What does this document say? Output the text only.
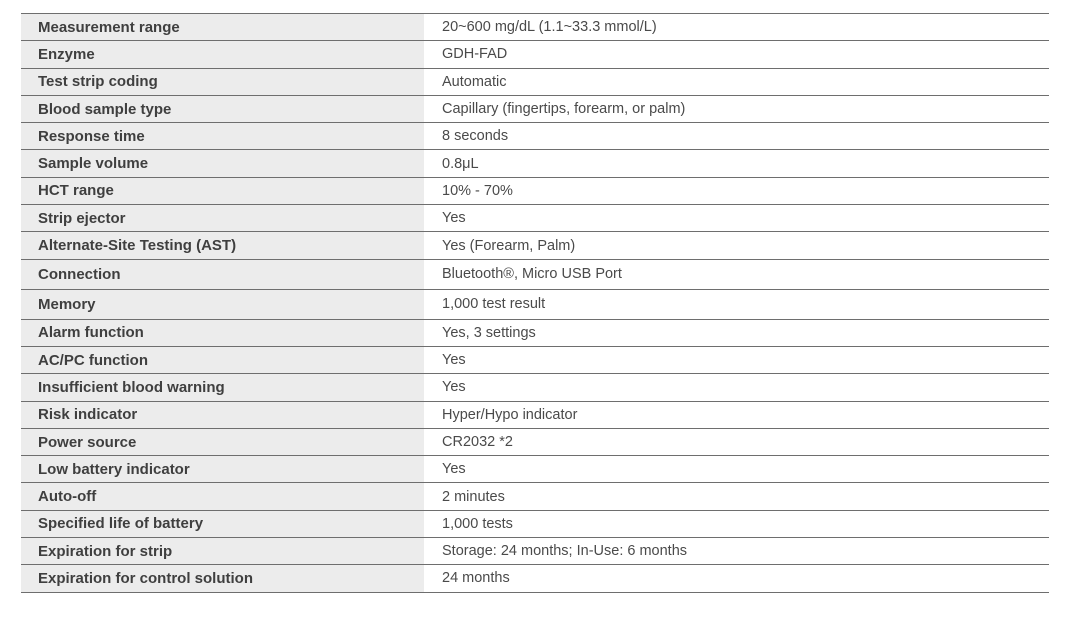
Measurement range	20~600 mg/dL (1.1~33.3 mmol/L)
Enzyme	GDH-FAD
Test strip coding	Automatic
Blood sample type	Capillary (fingertips, forearm, or palm)
Response time	8 seconds
Sample volume	0.8μL
HCT range	10% - 70%
Strip ejector	Yes
Alternate-Site Testing (AST)	Yes (Forearm, Palm)
Connection	Bluetooth®, Micro USB Port
Memory	1,000 test result
Alarm function	Yes, 3 settings
AC/PC function	Yes
Insufficient blood warning	Yes
Risk indicator	Hyper/Hypo indicator
Power source	CR2032 *2
Low battery indicator	Yes
Auto-off	2 minutes
Specified life of battery	1,000 tests
Expiration for strip	Storage: 24 months; In-Use: 6 months
Expiration for control solution	24 months
